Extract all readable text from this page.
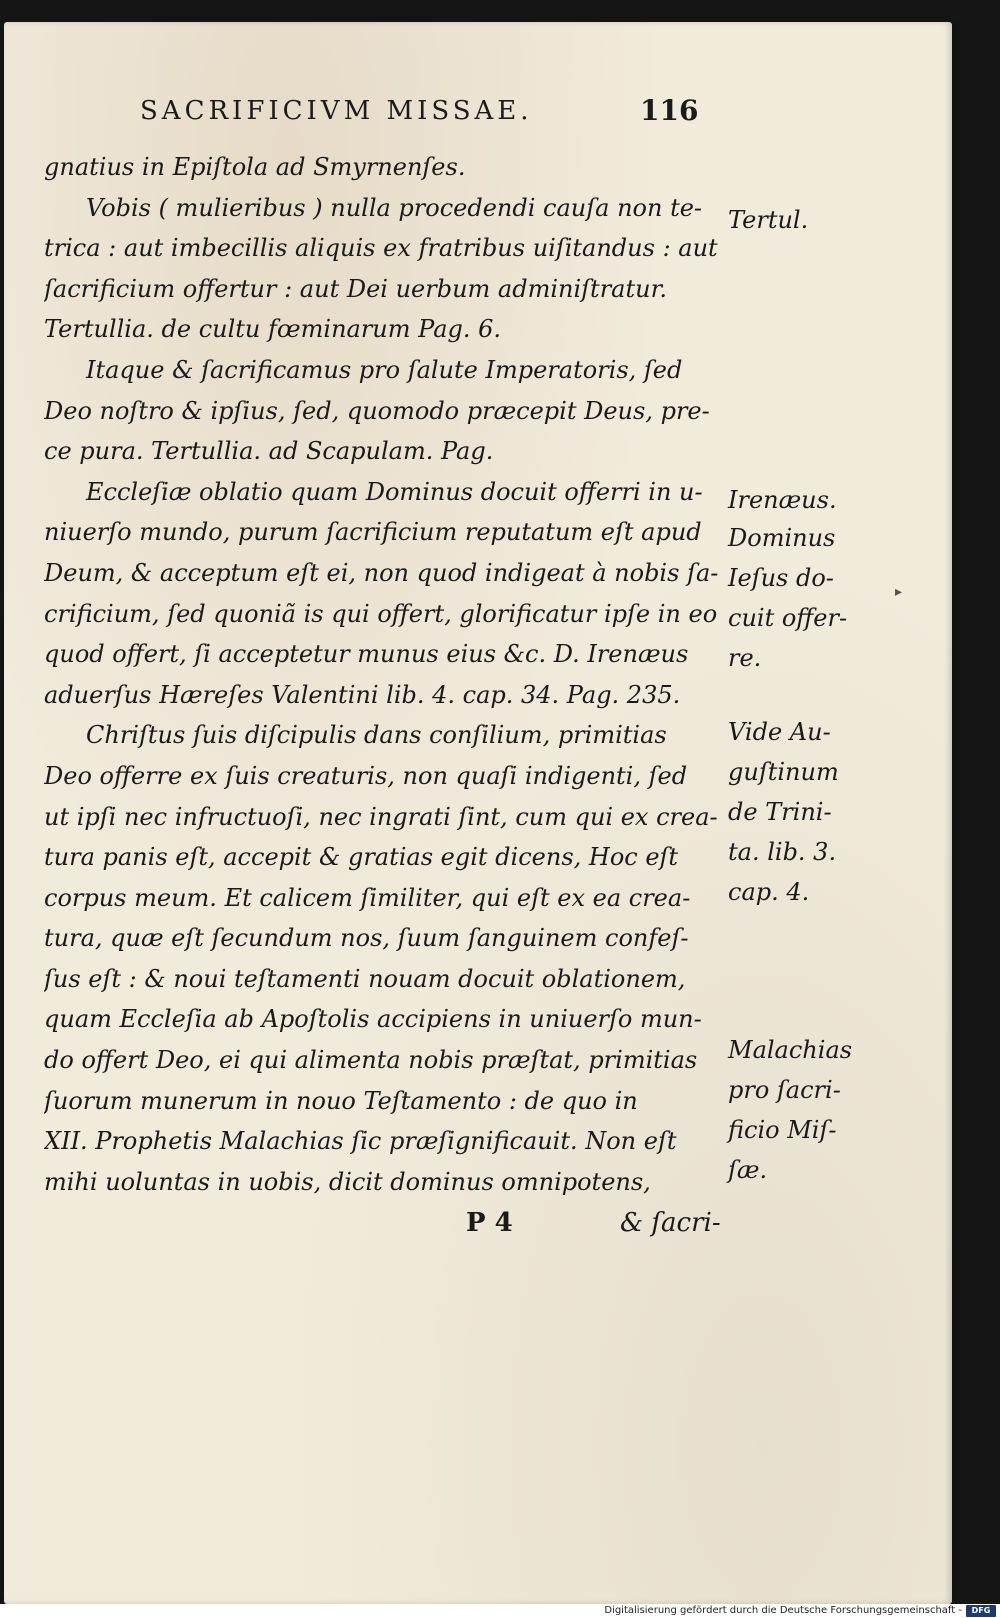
SACRIFICIVM MISSAE.	116
gnatius in Epiſtola ad Smyrnenſes.
Vobis ( mulieribus ) nulla procedendi cauſa non te-
trica : aut imbecillis aliquis ex fratribus uiſitandus : aut
ſacrificium offertur : aut Dei uerbum adminiſtratur.
Tertullia. de cultu fœminarum Pag. 6.
Itaque & ſacrificamus pro ſalute Imperatoris, ſed
Deo noſtro & ipſius, ſed, quomodo præcepit Deus, pre-
ce pura. Tertullia. ad Scapulam. Pag.
Eccleſiæ oblatio quam Dominus docuit offerri in u-
niuerſo mundo, purum ſacrificium reputatum eſt apud
Deum, & acceptum eſt ei, non quod indigeat à nobis ſa-
crificium, ſed quoniã is qui offert, glorificatur ipſe in eo
quod offert, ſi acceptetur munus eius &c. D. Irenæus
aduerſus Hæreſes Valentini lib. 4. cap. 34. Pag. 235.
Chriſtus ſuis diſcipulis dans conſilium, primitias
Deo offerre ex ſuis creaturis, non quaſi indigenti, ſed
ut ipſi nec infructuoſi, nec ingrati ſint, cum qui ex crea-
tura panis eſt, accepit & gratias egit dicens, Hoc eſt
corpus meum. Et calicem ſimiliter, qui eſt ex ea crea-
tura, quæ eſt ſecundum nos, ſuum ſanguinem confeſ-
ſus eſt : & noui teſtamenti nouam docuit oblationem,
quam Eccleſia ab Apoſtolis accipiens in uniuerſo mun-
do offert Deo, ei qui alimenta nobis præſtat, primitias
ſuorum munerum in nouo Teſtamento : de quo in
XII. Prophetis Malachias ſic præſignificauit. Non eſt
mihi uoluntas in uobis, dicit dominus omnipotens,
Tertul.
Irenæus.
Dominus
Ieſus do-
cuit offer-
re.
Vide Au-
guſtinum
de Trini-
ta. lib. 3.
cap. 4.
Malachias
pro ſacri-
ficio Miſ-
ſæ.
▸
P 4	& ſacri-
Digitalisierung gefördert durch die Deutsche Forschungsgemeinschaft -	DFG
